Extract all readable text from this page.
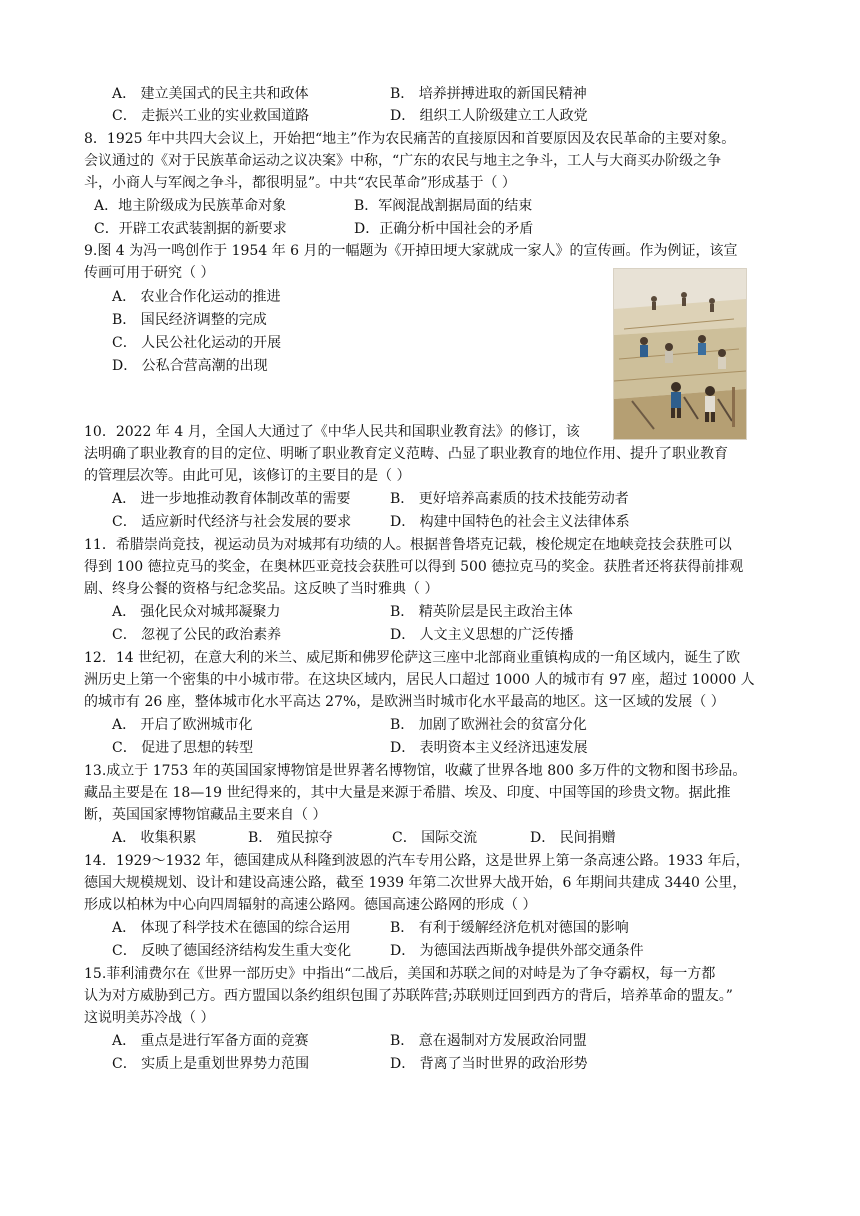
A． 建立美国式的民主共和政体	B． 培养拼搏进取的新国民精神
C． 走振兴工业的实业救国道路	D． 组织工人阶级建立工人政党
8．1925 年中共四大会议上，开始把“地主”作为农民痛苦的直接原因和首要原因及农民革命的主要对象。
会议通过的《对于民族革命运动之议决案》中称，“广东的农民与地主之争斗，工人与大商买办阶级之争
斗，小商人与军阀之争斗，都很明显”。中共“农民革命”形成基于（ ）
A．地主阶级成为民族革命对象	B．军阀混战割据局面的结束
C．开辟工农武装割据的新要求	D．正确分析中国社会的矛盾
9.图 4 为冯一鸣创作于 1954 年 6 月的一幅题为《开掉田埂大家就成一家人》的宣传画。作为例证，该宣
传画可用于研究（ ）
A． 农业合作化运动的推进
B． 国民经济调整的完成
C． 人民公社化运动的开展
D． 公私合营高潮的出现
10．2022 年 4 月，全国人大通过了《中华人民共和国职业教育法》的修订，该
法明确了职业教育的目的定位、明晰了职业教育定义范畴、凸显了职业教育的地位作用、提升了职业教育
的管理层次等。由此可见，该修订的主要目的是（ ）
A． 进一步地推动教育体制改革的需要	B． 更好培养高素质的技术技能劳动者
C． 适应新时代经济与社会发展的要求	D． 构建中国特色的社会主义法律体系
11．希腊崇尚竞技，视运动员为对城邦有功绩的人。根据普鲁塔克记载，梭伦规定在地峡竞技会获胜可以
得到 100 德拉克马的奖金，在奥林匹亚竞技会获胜可以得到 500 德拉克马的奖金。获胜者还将获得前排观
剧、终身公餐的资格与纪念奖品。这反映了当时雅典（ ）
A． 强化民众对城邦凝聚力	B． 精英阶层是民主政治主体
C． 忽视了公民的政治素养	D． 人文主义思想的广泛传播
12．14 世纪初，在意大利的米兰、威尼斯和佛罗伦萨这三座中北部商业重镇构成的一角区域内，诞生了欧
洲历史上第一个密集的中小城市带。在这块区域内，居民人口超过 1000 人的城市有 97 座，超过 10000 人
的城市有 26 座，整体城市化水平高达 27%，是欧洲当时城市化水平最高的地区。这一区域的发展（ ）
A． 开启了欧洲城市化	B． 加剧了欧洲社会的贫富分化
C． 促进了思想的转型	D． 表明资本主义经济迅速发展
13.成立于 1753 年的英国国家博物馆是世界著名博物馆，收藏了世界各地 800 多万件的文物和图书珍品。
藏品主要是在 18—19 世纪得来的，其中大量是来源于希腊、埃及、印度、中国等国的珍贵文物。据此推
断，英国国家博物馆藏品主要来自（ ）
A． 收集积累	B． 殖民掠夺	C． 国际交流	D． 民间捐赠
14．1929～1932 年，德国建成从科隆到波恩的汽车专用公路，这是世界上第一条高速公路。1933 年后，
德国大规模规划、设计和建设高速公路，截至 1939 年第二次世界大战开始，6 年期间共建成 3440 公里，
形成以柏林为中心向四周辐射的高速公路网。德国高速公路网的形成（ ）
A． 体现了科学技术在德国的综合运用	B． 有利于缓解经济危机对德国的影响
C． 反映了德国经济结构发生重大变化	D． 为德国法西斯战争提供外部交通条件
15.菲利浦费尔在《世界一部历史》中指出“二战后，美国和苏联之间的对峙是为了争夺霸权，每一方都
认为对方威胁到己方。西方盟国以条约组织包围了苏联阵营;苏联则迂回到西方的背后，培养革命的盟友。”
这说明美苏冷战（ ）
A． 重点是进行军备方面的竞赛	B． 意在遏制对方发展政治同盟
C． 实质上是重划世界势力范围	D． 背离了当时世界的政治形势
